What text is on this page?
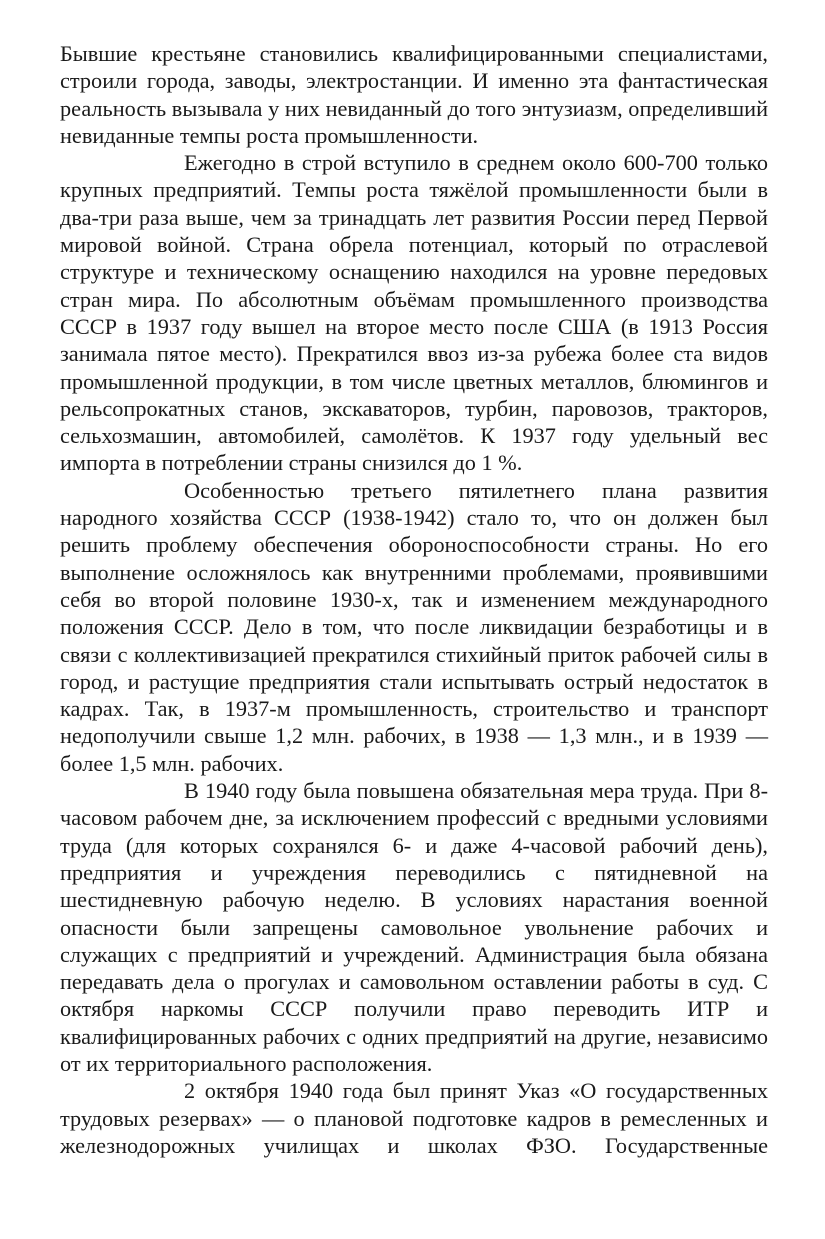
Бывшие крестьяне становились квалифицированными специалистами, строили города, заводы, электростанции. И именно эта фантастическая реальность вызывала у них невиданный до того энтузиазм, определивший невиданные темпы роста промышленности.

Ежегодно в строй вступило в среднем около 600-700 только крупных предприятий. Темпы роста тяжёлой промышленности были в два-три раза выше, чем за тринадцать лет развития России перед Первой мировой войной. Страна обрела потенциал, который по отраслевой структуре и техническому оснащению находился на уровне передовых стран мира. По абсолютным объёмам промышленного производства СССР в 1937 году вышел на второе место после США (в 1913 Россия занимала пятое место). Прекратился ввоз из-за рубежа более ста видов промышленной продукции, в том числе цветных металлов, блюмингов и рельсопрокатных станов, экскаваторов, турбин, паровозов, тракторов, сельхозмашин, автомобилей, самолётов. К 1937 году удельный вес импорта в потреблении страны снизился до 1 %.

Особенностью третьего пятилетнего плана развития народного хозяйства СССР (1938-1942) стало то, что он должен был решить проблему обеспечения обороноспособности страны. Но его выполнение осложнялось как внутренними проблемами, проявившими себя во второй половине 1930-х, так и изменением международного положения СССР. Дело в том, что после ликвидации безработицы и в связи с коллективизацией прекратился стихийный приток рабочей силы в город, и растущие предприятия стали испытывать острый недостаток в кадрах. Так, в 1937-м промышленность, строительство и транспорт недополучили свыше 1,2 млн. рабочих, в 1938 — 1,3 млн., и в 1939 — более 1,5 млн. рабочих.

В 1940 году была повышена обязательная мера труда. При 8-часовом рабочем дне, за исключением профессий с вредными условиями труда (для которых сохранялся 6- и даже 4-часовой рабочий день), предприятия и учреждения переводились с пятидневной на шестидневную рабочую неделю. В условиях нарастания военной опасности были запрещены самовольное увольнение рабочих и служащих с предприятий и учреждений. Администрация была обязана передавать дела о прогулах и самовольном оставлении работы в суд. С октября наркомы СССР получили право переводить ИТР и квалифицированных рабочих с одних предприятий на другие, независимо от их территориального расположения.

2 октября 1940 года был принят Указ «О государственных трудовых резервах» — о плановой подготовке кадров в ремесленных и железнодорожных училищах и школах ФЗО. Государственные
